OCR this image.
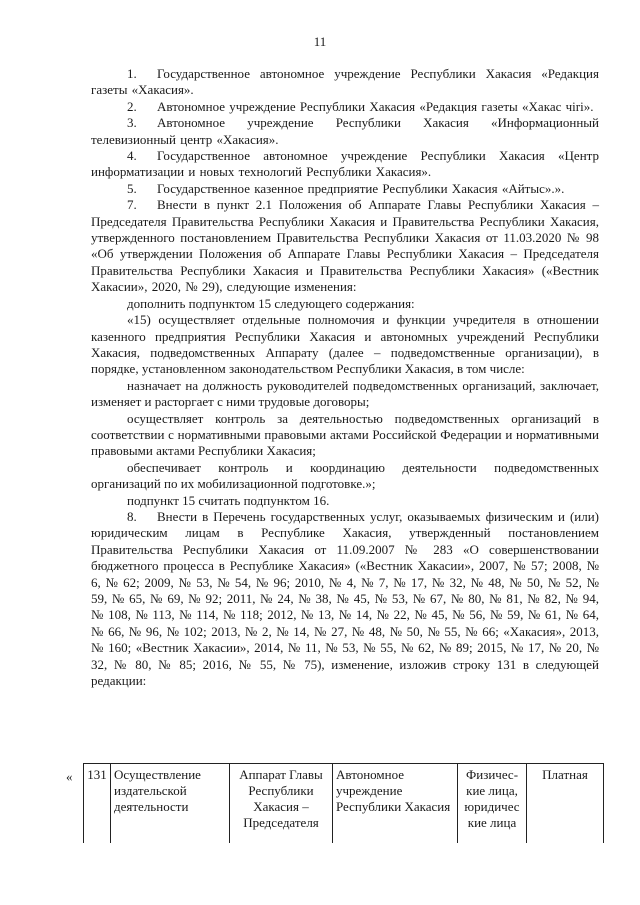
11

1. Государственное автономное учреждение Республики Хакасия «Редакция газеты «Хакасия».

2. Автономное учреждение Республики Хакасия «Редакция газеты «Хакас чirі».

3. Автономное учреждение Республики Хакасия «Информационный телевизионный центр «Хакасия».

4. Государственное автономное учреждение Республики Хакасия «Центр информатизации и новых технологий Республики Хакасия».

5. Государственное казенное предприятие Республики Хакасия «Айтыс».».

7. Внести в пункт 2.1 Положения об Аппарате Главы Республики Хакасия – Председателя Правительства Республики Хакасия и Правительства Республики Хакасия, утвержденного постановлением Правительства Республики Хакасия от 11.03.2020 № 98 «Об утверждении Положения об Аппарате Главы Республики Хакасия – Председателя Правительства Республики Хакасия и Правительства Республики Хакасия» («Вестник Хакасии», 2020, № 29), следующие изменения:

дополнить подпунктом 15 следующего содержания:

«15) осуществляет отдельные полномочия и функции учредителя в отношении казенного предприятия Республики Хакасия и автономных учреждений Республики Хакасия, подведомственных Аппарату (далее – подведомственные организации), в порядке, установленном законодательством Республики Хакасия, в том числе:

назначает на должность руководителей подведомственных организаций, заключает, изменяет и расторгает с ними трудовые договоры;

осуществляет контроль за деятельностью подведомственных организаций в соответствии с нормативными правовыми актами Российской Федерации и нормативными правовыми актами Республики Хакасия;

обеспечивает контроль и координацию деятельности подведомственных организаций по их мобилизационной подготовке.»;

подпункт 15 считать подпунктом 16.

8. Внести в Перечень государственных услуг, оказываемых физическим и (или) юридическим лицам в Республике Хакасия, утвержденный постановлением Правительства Республики Хакасия от 11.09.2007 № 283 «О совершенствовании бюджетного процесса в Республике Хакасия» («Вестник Хакасии», 2007, № 57; 2008, № 6, № 62; 2009, № 53, № 54, № 96; 2010, № 4, № 7, № 17, № 32, № 48, № 50, № 52, № 59, № 65, № 69, № 92; 2011, № 24, № 38, № 45, № 53, № 67, № 80, № 81, № 82, № 94, № 108, № 113, № 114, № 118; 2012, № 13, № 14, № 22, № 45, № 56, № 59, № 61, № 64, № 66, № 96, № 102; 2013, № 2, № 14, № 27, № 48, № 50, № 55, № 66; «Хакасия», 2013, № 160; «Вестник Хакасии», 2014, № 11, № 53, № 55, № 62, № 89; 2015, № 17, № 20, № 32, № 80, № 85; 2016, № 55, № 75), изменение, изложив строку 131 в следующей редакции:

« 131	Осуществление издательской деятельности	Аппарат Главы Республики Хакасия – Председателя	Автономное учреждение Республики Хакасия	Физичес-кие лица, юридичес кие лица	Платная
